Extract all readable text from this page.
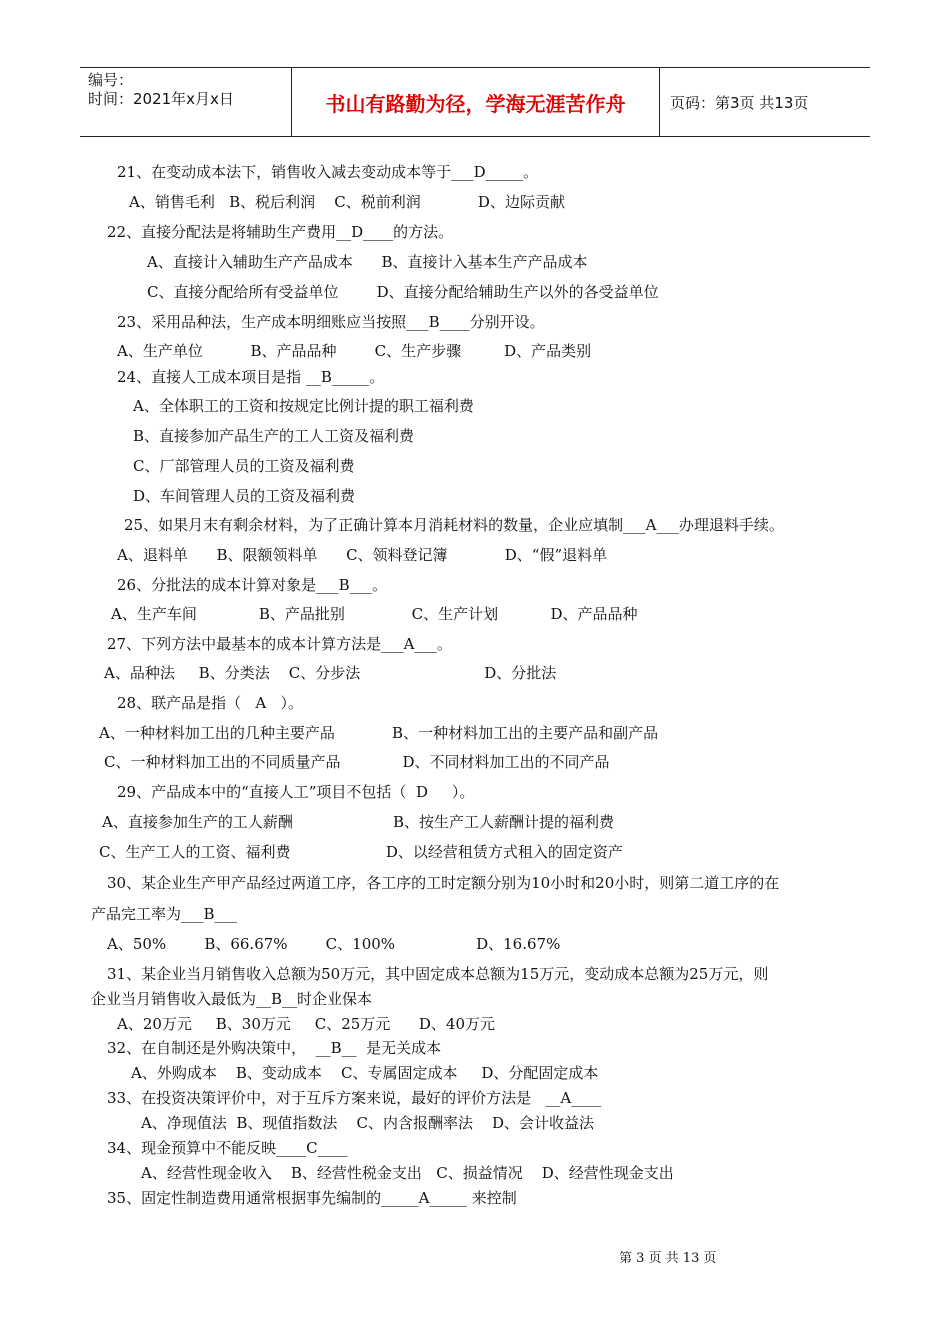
编号：
时间：2021年x月x日	书山有路勤为径，学海无涯苦作舟	页码：第3页 共13页
21、在变动成本法下，销售收入减去变动成本等于___D_____。
A、销售毛利   B、税后利润    C、税前利润            D、边际贡献
22、直接分配法是将辅助生产费用__D____的方法。
A、直接计入辅助生产产品成本      B、直接计入基本生产产品成本
C、直接分配给所有受益单位        D、直接分配给辅助生产以外的各受益单位
23、采用品种法，生产成本明细账应当按照___B____分别开设。
A、生产单位          B、产品品种        C、生产步骤         D、产品类别
24、直接人工成本项目是指 __B_____。
A、全体职工的工资和按规定比例计提的职工福利费
B、直接参加产品生产的工人工资及福利费
C、厂部管理人员的工资及福利费
D、车间管理人员的工资及福利费
25、如果月末有剩余材料，为了正确计算本月消耗材料的数量，企业应填制___A___办理退料手续。
A、退料单      B、限额领料单      C、领料登记簿            D、“假”退料单
26、分批法的成本计算对象是___B___。
A、生产车间             B、产品批别              C、生产计划           D、产品品种
27、下列方法中最基本的成本计算方法是___A___。
A、品种法     B、分类法    C、分步法                          D、分批法
28、联产品是指（   A   ）。
A、一种材料加工出的几种主要产品            B、一种材料加工出的主要产品和副产品
C、一种材料加工出的不同质量产品             D、不同材料加工出的不同产品
29、产品成本中的“直接人工”项目不包括（  D     ）。
A、直接参加生产的工人薪酬                     B、按生产工人薪酬计提的福利费
C、生产工人的工资、福利费                    D、以经营租赁方式租入的固定资产
30、某企业生产甲产品经过两道工序，各工序的工时定额分别为10小时和20小时，则第二道工序的在
产品完工率为___B___
A、50%        B、66.67%        C、100%                 D、16.67%
31、某企业当月销售收入总额为50万元，其中固定成本总额为15万元，变动成本总额为25万元，则
企业当月销售收入最低为__B__时企业保本
A、20万元     B、30万元     C、25万元      D、40万元
32、在自制还是外购决策中，  __B__  是无关成本
A、外购成本    B、变动成本    C、专属固定成本     D、分配固定成本
33、在投资决策评价中，对于互斥方案来说，最好的评价方法是   __A____
A、净现值法  B、现值指数法    C、内含报酬率法    D、会计收益法
34、现金预算中不能反映____C____
A、经营性现金收入    B、经营性税金支出   C、损益情况    D、经营性现金支出
35、固定性制造费用通常根据事先编制的_____A_____ 来控制
第 3 页 共 13 页
